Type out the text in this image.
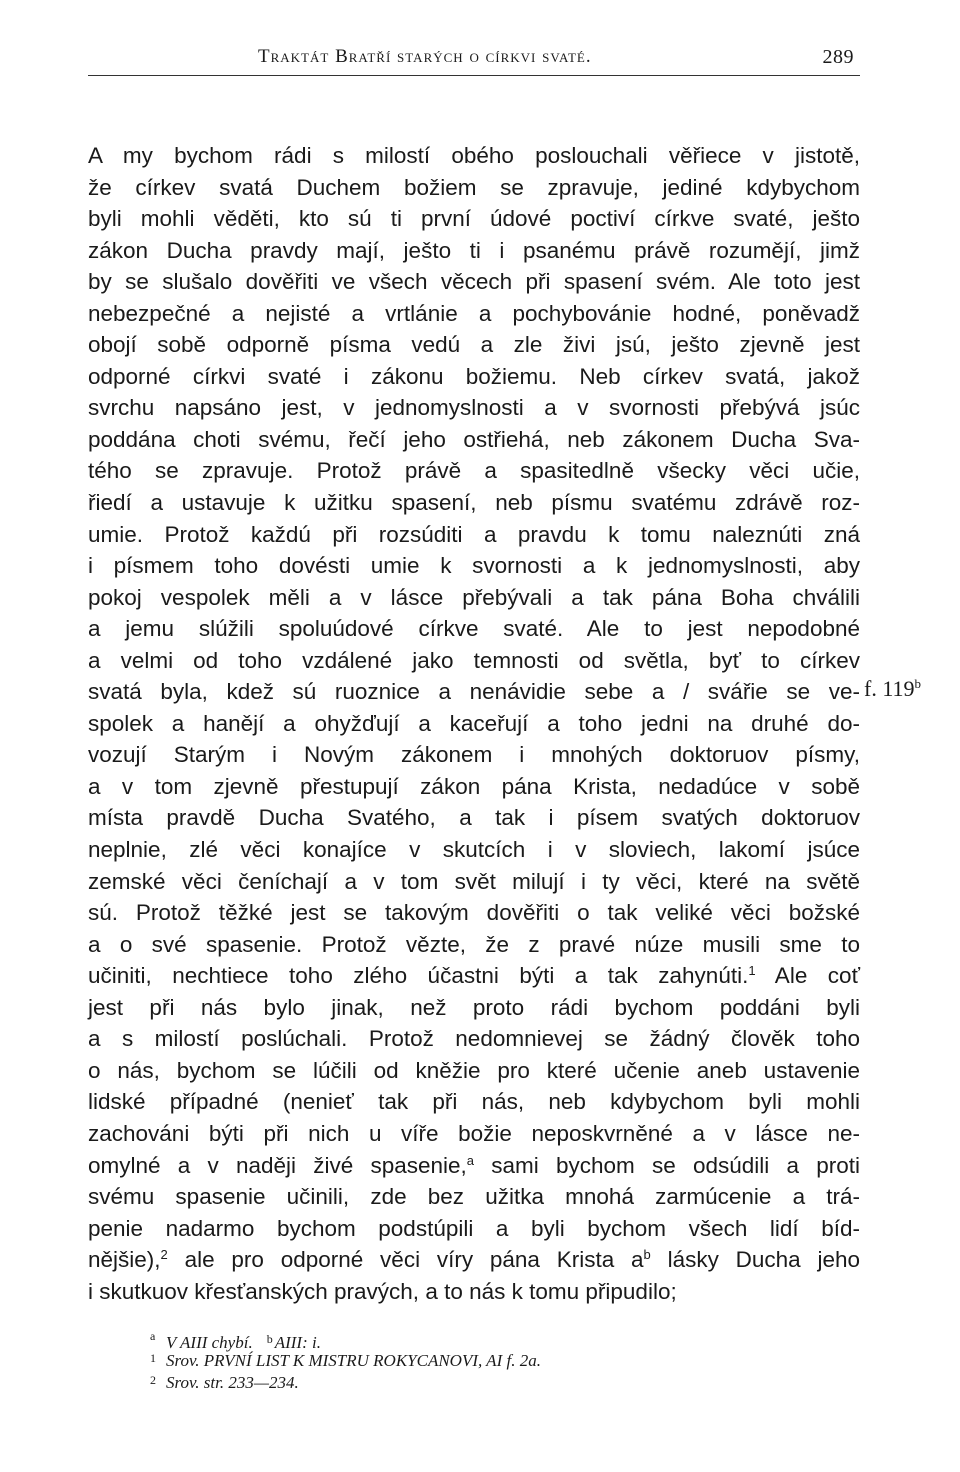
Traktát Bratří starých o církvi svaté.	289
A my bychom rádi s milostí obého poslouchali věřiece v jistotě,
že církev svatá Duchem božiem se zpravuje, jediné kdybychom
byli mohli věděti, kto sú ti první údové poctiví církve svaté, ješto
zákon Ducha pravdy mají, ješto ti i psanému právě rozumějí, jimž
by se slušalo dověřiti ve všech věcech při spasení svém. Ale toto jest
nebezpečné a nejisté a vrtlánie a pochybovánie hodné, poněvadž
obojí sobě odporně písma vedú a zle živi jsú, ješto zjevně jest
odporné církvi svaté i zákonu božiemu. Neb církev svatá, jakož
svrchu napsáno jest, v jednomyslnosti a v svornosti přebývá jsúc
poddána choti svému, řečí jeho ostřiehá, neb zákonem Ducha Sva-
tého se zpravuje. Protož právě a spasitedlně všecky věci učie,
řiedí a ustavuje k užitku spasení, neb písmu svatému zdrávě roz-
umie. Protož každú při rozsúditi a pravdu k tomu naleznúti zná
i písmem toho dovésti umie k svornosti a k jednomyslnosti, aby
pokoj vespolek měli a v lásce přebývali a tak pána Boha chválili
a jemu slúžili spoluúdové církve svaté. Ale to jest nepodobné
a velmi od toho vzdálené jako temnosti od světla, byť to církev
svatá byla, kdež sú ruoznice a nenávidie sebe a / svářie se ve-
spolek a hanějí a ohyžďují a kaceřují a toho jedni na druhé do-
vozují Starým i Novým zákonem i mnohých doktoruov písmy,
a v tom zjevně přestupují zákon pána Krista, nedadúce v sobě
místa pravdě Ducha Svatého, a tak i písem svatých doktoruov
neplnie, zlé věci konajíce v skutcích i v sloviech, lakomí jsúce
zemské věci čeníchají a v tom svět milují i ty věci, které na světě
sú. Protož těžké jest se takovým dověřiti o tak veliké věci božské
a o své spasenie. Protož vězte, že z pravé núze musili sme to
učiniti, nechtiece toho zlého účastni býti a tak zahynúti.$^1$ Ale coť
jest při nás bylo jinak, než proto rádi bychom poddáni byli
a s milostí poslúchali. Protož nedomnievej se žádný člověk toho
o nás, bychom se lúčili od kněžie pro které učenie aneb ustavenie
lidské případné (nenieť tak při nás, neb kdybychom byli mohli
zachováni býti při nich u víře božie neposkvrněné a v lásce ne-
omylné a v naději živé spasenie,$^a$ sami bychom se odsúdili a proti
svému spasenie učinili, zde bez užitka mnohá zarmúcenie a trá-
penie nadarmo bychom podstúpili a byli bychom všech lidí bíd-
nějšie),$^2$ ale pro odporné věci víry pána Krista $a^b$ lásky Ducha jeho
i skutkuov křesťanských pravých, a to nás k tomu připudilo;
f. 119$^b$
a V AIII chybí. $^b$ AIII: i.
1 Srov. PRVNÍ LIST K MISTRU ROKYCANOVI, AI f. 2a.
2 Srov. str. 233—234.
